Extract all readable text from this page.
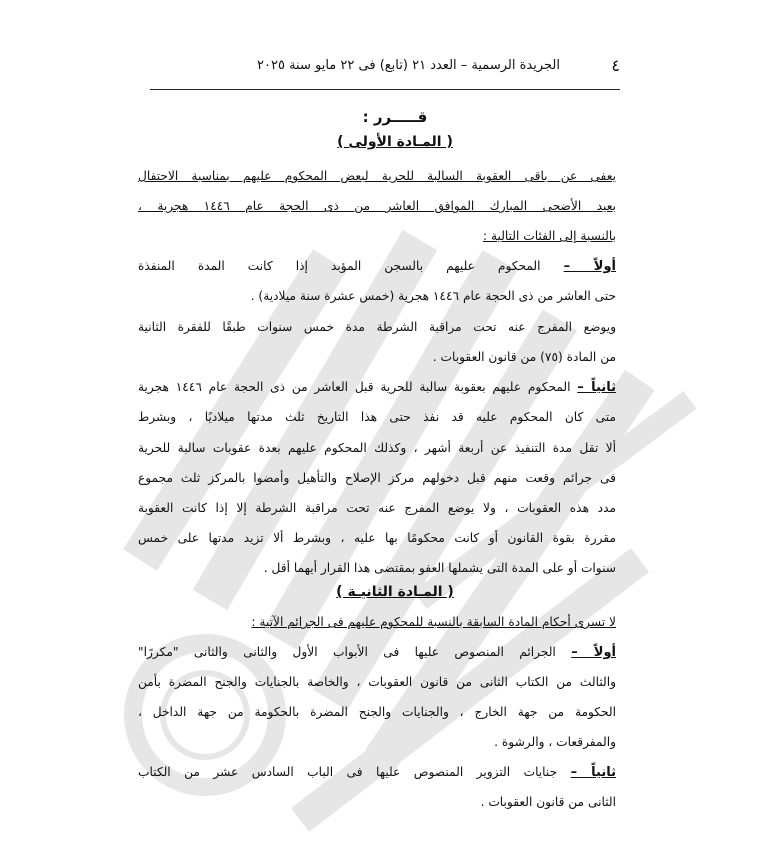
٤
الجريدة الرسمية – العدد ٢١ (تابع) فى ٢٢ مايو سنة ٢٠٢٥
قـــــرر :
( المـادة الأولى )
يعفى عن باقى العقوبة السالبة للحرية لبعض المحكوم عليهم بمناسبة الاحتفال
بعيد الأضحى المبارك الموافق العاشر من ذى الحجة عام ١٤٤٦ هجرية ،
بالنسبة إلى الفئات التالية :
أولاً – المحكوم عليهم بالسجن المؤبد إذا كانت المدة المنفذة
حتى العاشر من ذى الحجة عام ١٤٤٦ هجرية (خمس عشرة سنة ميلادية) .
ويوضع المفرج عنه تحت مراقبة الشرطة مدة خمس سنوات طبقًا للفقرة الثانية
من المادة (٧٥) من قانون العقوبات .
ثانياً – المحكوم عليهم بعقوبة سالبة للحرية قبل العاشر من ذى الحجة عام ١٤٤٦ هجرية
متى كان المحكوم عليه قد نفذ حتى هذا التاريخ ثلث مدتها ميلاديًا ، وبشرط
ألا تقل مدة التنفيذ عن أربعة أشهر ، وكذلك المحكوم عليهم بعدة عقوبات سالبة للحرية
فى جرائم وقعت منهم قبل دخولهم مركز الإصلاح والتأهيل وأمضوا بالمركز ثلث مجموع
مدد هذه العقوبات ، ولا يوضع المفرج عنه تحت مراقبة الشرطة إلا إذا كانت العقوبة
مقررة بقوة القانون أو كانت محكومًا بها عليه ، وبشرط ألا تزيد مدتها على خمس
سنوات أو على المدة التى يشملها العفو بمقتضى هذا القرار أيهما أقل .
( المـادة الثانيـة )
لا تسرى أحكام المادة السابقة بالنسبة للمحكوم عليهم فى الجرائم الآتية :
أولاً – الجرائم المنصوص عليها فى الأبواب الأول والثانى والثانى "مكررًا"
والثالث من الكتاب الثانى من قانون العقوبات ، والخاصة بالجنايات والجنح المضرة بأمن
الحكومة من جهة الخارج ، والجنايات والجنح المضرة بالحكومة من جهة الداخل ،
والمفرقعات ، والرشوة .
ثانياً – جنايات التزوير المنصوص عليها فى الباب السادس عشر من الكتاب
الثانى من قانون العقوبات .
